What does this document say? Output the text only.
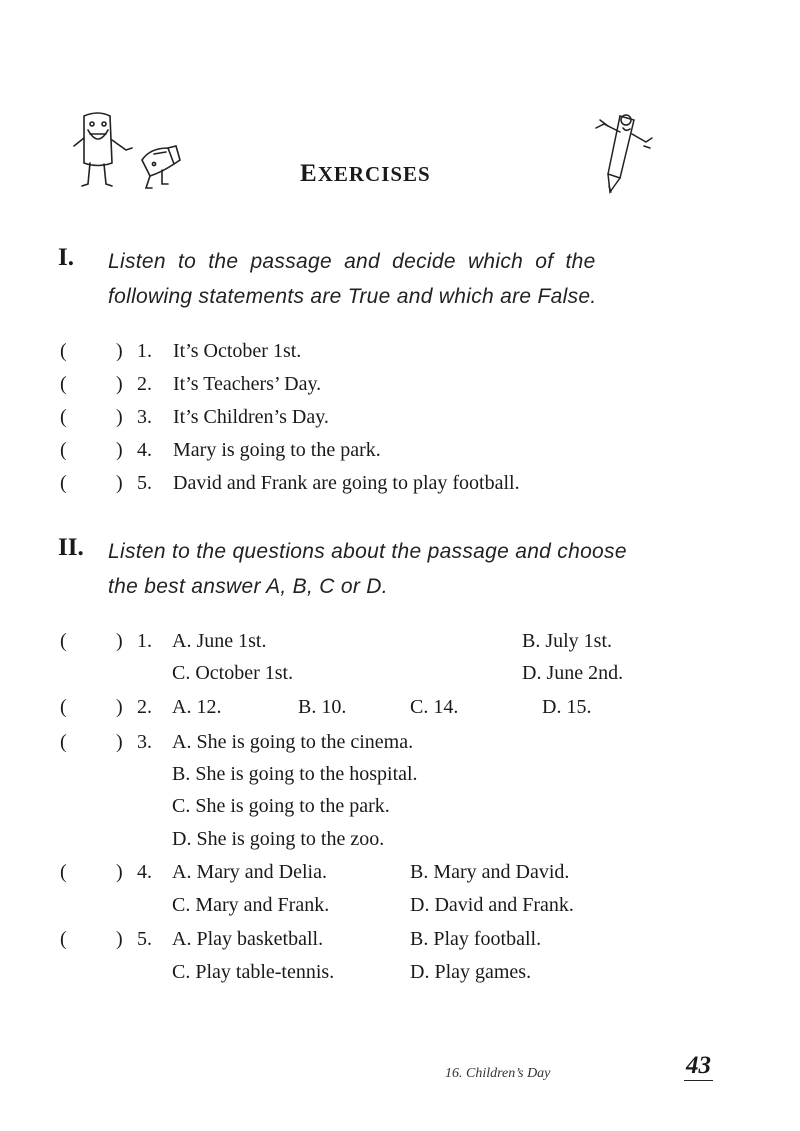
EXERCISES
I. Listen to the passage and decide which of the
following statements are True and which are False.
( ) 1. It’s October 1st.
( ) 2. It’s Teachers’ Day.
( ) 3. It’s Children’s Day.
( ) 4. Mary is going to the park.
( ) 5. David and Frank are going to play football.
II. Listen to the questions about the passage and choose
the best answer A, B, C or D.
( ) 1. A. June 1st.	B. July 1st.
C. October 1st.	D. June 2nd.
( ) 2. A. 12.	B. 10.	C. 14.	D. 15.
( ) 3. A. She is going to the cinema.
B. She is going to the hospital.
C. She is going to the park.
D. She is going to the zoo.
( ) 4. A. Mary and Delia.	B. Mary and David.
C. Mary and Frank.	D. David and Frank.
( ) 5. A. Play basketball.	B. Play football.
C. Play table-tennis.	D. Play games.
16. Children’s Day	43
